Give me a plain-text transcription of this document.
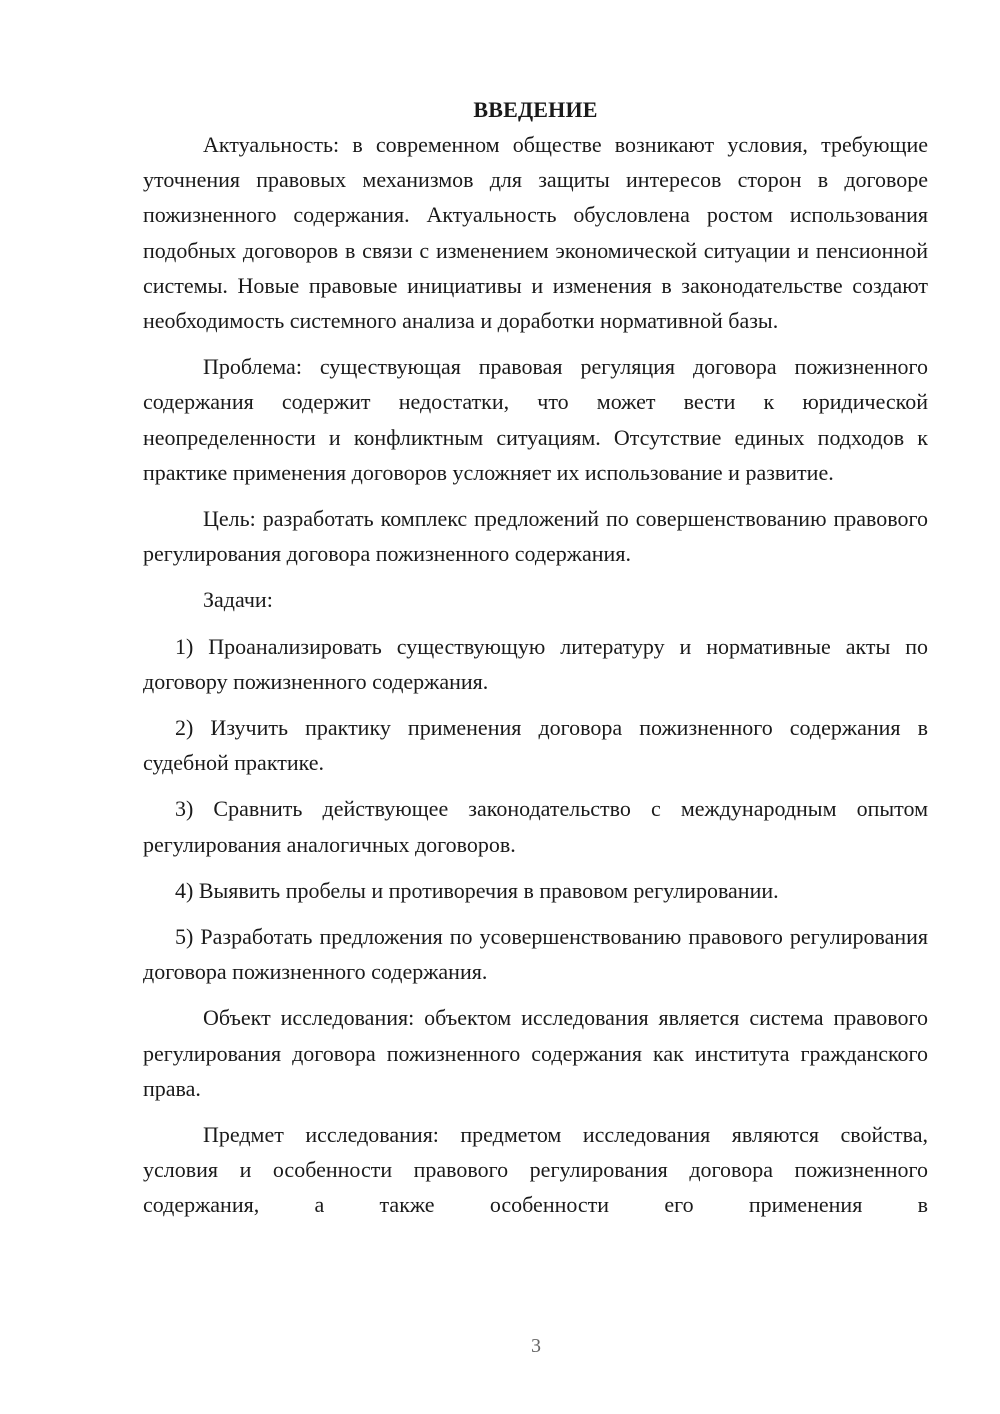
ВВЕДЕНИЕ

Актуальность: в современном обществе возникают условия, требующие уточнения правовых механизмов для защиты интересов сторон в договоре пожизненного содержания. Актуальность обусловлена ростом использования подобных договоров в связи с изменением экономической ситуации и пенсионной системы. Новые правовые инициативы и изменения в законодательстве создают необходимость системного анализа и доработки нормативной базы.

Проблема: существующая правовая регуляция договора пожизненного содержания содержит недостатки, что может вести к юридической неопределенности и конфликтным ситуациям. Отсутствие единых подходов к практике применения договоров усложняет их использование и развитие.

Цель: разработать комплекс предложений по совершенствованию правового регулирования договора пожизненного содержания.

Задачи:

1) Проанализировать существующую литературу и нормативные акты по договору пожизненного содержания.

2) Изучить практику применения договора пожизненного содержания в судебной практике.

3) Сравнить действующее законодательство с международным опытом регулирования аналогичных договоров.

4) Выявить пробелы и противоречия в правовом регулировании.

5) Разработать предложения по усовершенствованию правового регулирования договора пожизненного содержания.

Объект исследования: объектом исследования является система правового регулирования договора пожизненного содержания как института гражданского права.

Предмет исследования: предметом исследования являются свойства, условия и особенности правового регулирования договора пожизненного содержания, а также особенности его применения в

3
